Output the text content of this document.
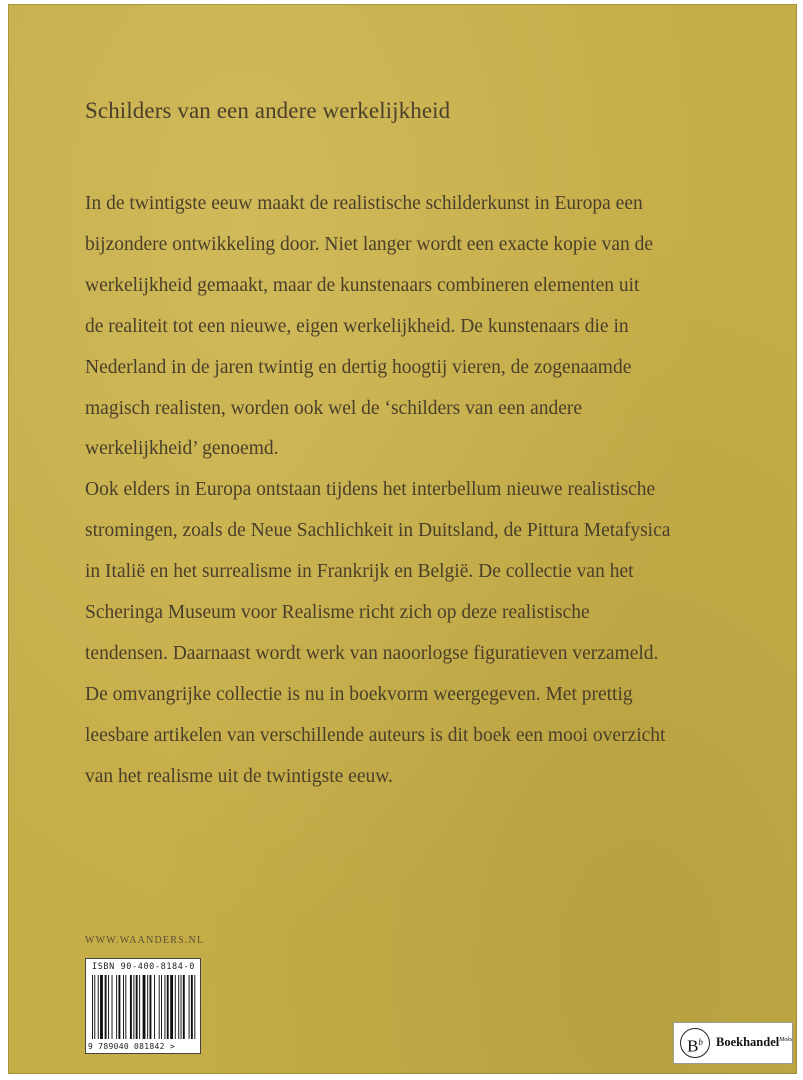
Schilders van een andere werkelijkheid

In de twintigste eeuw maakt de realistische schilderkunst in Europa een
bijzondere ontwikkeling door. Niet langer wordt een exacte kopie van de
werkelijkheid gemaakt, maar de kunstenaars combineren elementen uit
de realiteit tot een nieuwe, eigen werkelijkheid. De kunstenaars die in
Nederland in de jaren twintig en dertig hoogtij vieren, de zogenaamde
magisch realisten, worden ook wel de ‘schilders van een andere
werkelijkheid’ genoemd.

Ook elders in Europa ontstaan tijdens het interbellum nieuwe realistische
stromingen, zoals de Neue Sachlichkeit in Duitsland, de Pittura Metafysica
in Italië en het surrealisme in Frankrijk en België. De collectie van het
Scheringa Museum voor Realisme richt zich op deze realistische
tendensen. Daarnaast wordt werk van naoorlogse figuratieven verzameld.
De omvangrijke collectie is nu in boekvorm weergegeven. Met prettig
leesbare artikelen van verschillende auteurs is dit boek een mooi overzicht
van het realisme uit de twintigste eeuw.

WWW.WAANDERS.NL
ISBN 90-400-8184-0
9 789040 081842 >	$B^b$	Boekhandel$^{Moks}$
